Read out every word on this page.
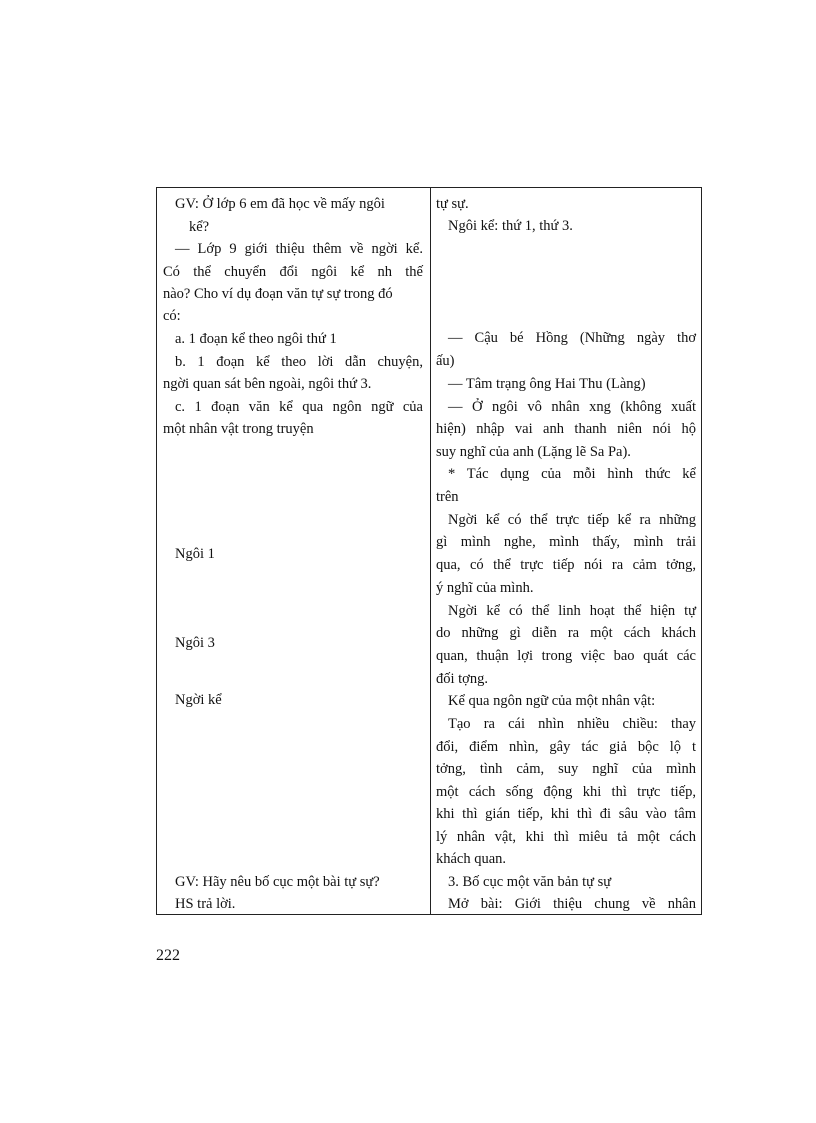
GV: Ở lớp 6 em đã học về mấy ngôi
kể?
— Lớp 9 giới thiệu thêm về ngời kể.
Có thể chuyển đổi ngôi kể nh thế
nào? Cho ví dụ đoạn văn tự sự trong đó
có:
a. 1 đoạn kể theo ngôi thứ 1
b. 1 đoạn kể theo lời dẫn chuyện,
ngời quan sát bên ngoài, ngôi thứ 3.
c. 1 đoạn văn kể qua ngôn ngữ của
một nhân vật trong truyện
Ngôi 1
Ngôi 3
Ngời kể
GV: Hãy nêu bố cục một bài tự sự?
HS trả lời.
tự sự.
Ngôi kể: thứ 1, thứ 3.
— Cậu bé Hồng (Những ngày thơ
ấu)
— Tâm trạng ông Hai Thu (Làng)
— Ở ngôi vô nhân xng (không xuất
hiện) nhập vai anh thanh niên nói hộ
suy nghĩ của anh (Lặng lẽ Sa Pa).
* Tác dụng của mỗi hình thức kể
trên
Ngời kể có thể trực tiếp kể ra những
gì mình nghe, mình thấy, mình trải
qua, có thể trực tiếp nói ra cảm tởng,
ý nghĩ của mình.
Ngời kể có thể linh hoạt thể hiện tự
do những gì diễn ra một cách khách
quan, thuận lợi trong việc bao quát các
đối tợng.
Kể qua ngôn ngữ của một nhân vật:
Tạo ra cái nhìn nhiều chiều: thay
đổi, điểm nhìn, gây tác giả bộc lộ t
tởng, tình cảm, suy nghĩ của mình
một cách sống động khi thì trực tiếp,
khi thì gián tiếp, khi thì đi sâu vào tâm
lý nhân vật, khi thì miêu tả một cách
khách quan.
3. Bố cục một văn bản tự sự
Mở bài: Giới thiệu chung về nhân
222
